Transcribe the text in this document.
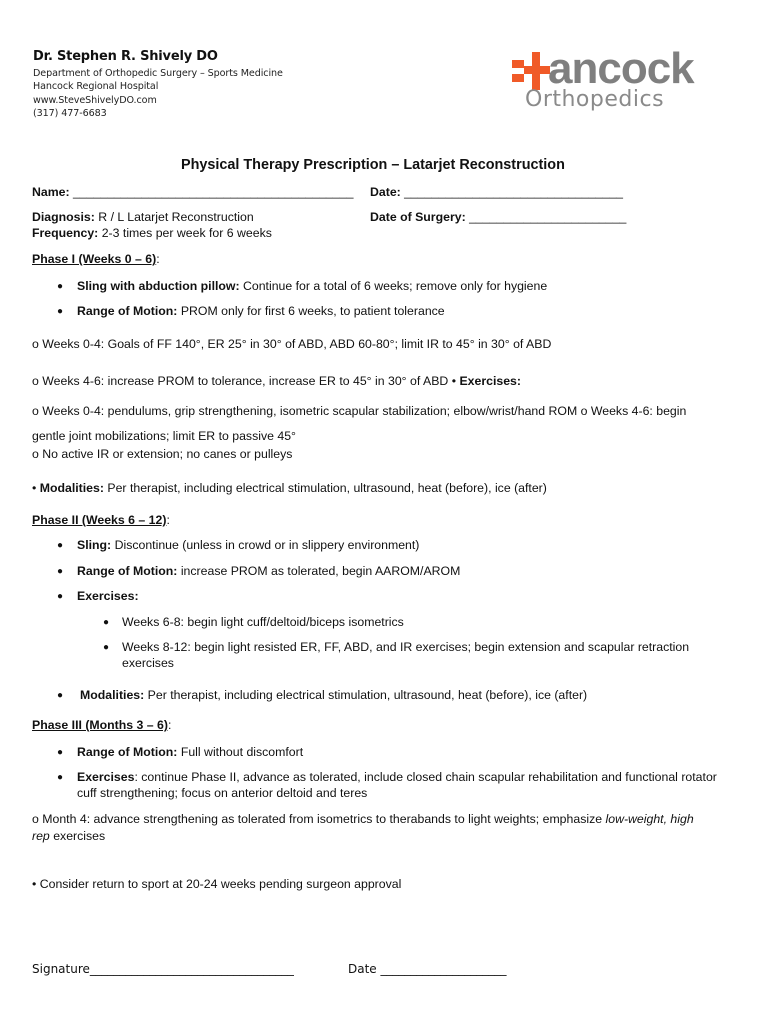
Dr. Stephen R. Shively DO
Department of Orthopedic Surgery – Sports Medicine
Hancock Regional Hospital
www.SteveShivelyDO.com
(317) 477-6683
ancock
Orthopedics
Physical Therapy Prescription – Latarjet Reconstruction
Name: _________________________________________ Date: ________________________________
Diagnosis: R / L Latarjet Reconstruction	Date of Surgery: _______________________
Frequency: 2-3 times per week for 6 weeks
Phase I (Weeks 0 – 6):
● Sling with abduction pillow: Continue for a total of 6 weeks; remove only for hygiene
● Range of Motion: PROM only for first 6 weeks, to patient tolerance
o Weeks 0-4: Goals of FF 140°, ER 25° in 30° of ABD, ABD 60-80°; limit IR to 45° in 30° of ABD
o Weeks 4-6: increase PROM to tolerance, increase ER to 45° in 30° of ABD • Exercises:
o Weeks 0-4: pendulums, grip strengthening, isometric scapular stabilization; elbow/wrist/hand ROM o Weeks 4-6: begin
gentle joint mobilizations; limit ER to passive 45°
o No active IR or extension; no canes or pulleys
• Modalities: Per therapist, including electrical stimulation, ultrasound, heat (before), ice (after)
Phase II (Weeks 6 – 12):
● Sling: Discontinue (unless in crowd or in slippery environment)
● Range of Motion: increase PROM as tolerated, begin AAROM/AROM
● Exercises:
● Weeks 6-8: begin light cuff/deltoid/biceps isometrics
● Weeks 8-12: begin light resisted ER, FF, ABD, and IR exercises; begin extension and scapular retraction
exercises
● Modalities: Per therapist, including electrical stimulation, ultrasound, heat (before), ice (after)
Phase III (Months 3 – 6):
● Range of Motion: Full without discomfort
● Exercises: continue Phase II, advance as tolerated, include closed chain scapular rehabilitation and functional rotator
cuff strengthening; focus on anterior deltoid and teres
o Month 4: advance strengthening as tolerated from isometrics to therabands to light weights; emphasize low-weight, high
rep exercises
• Consider return to sport at 20-24 weeks pending surgeon approval
Signature__________________________________	Date _____________________
